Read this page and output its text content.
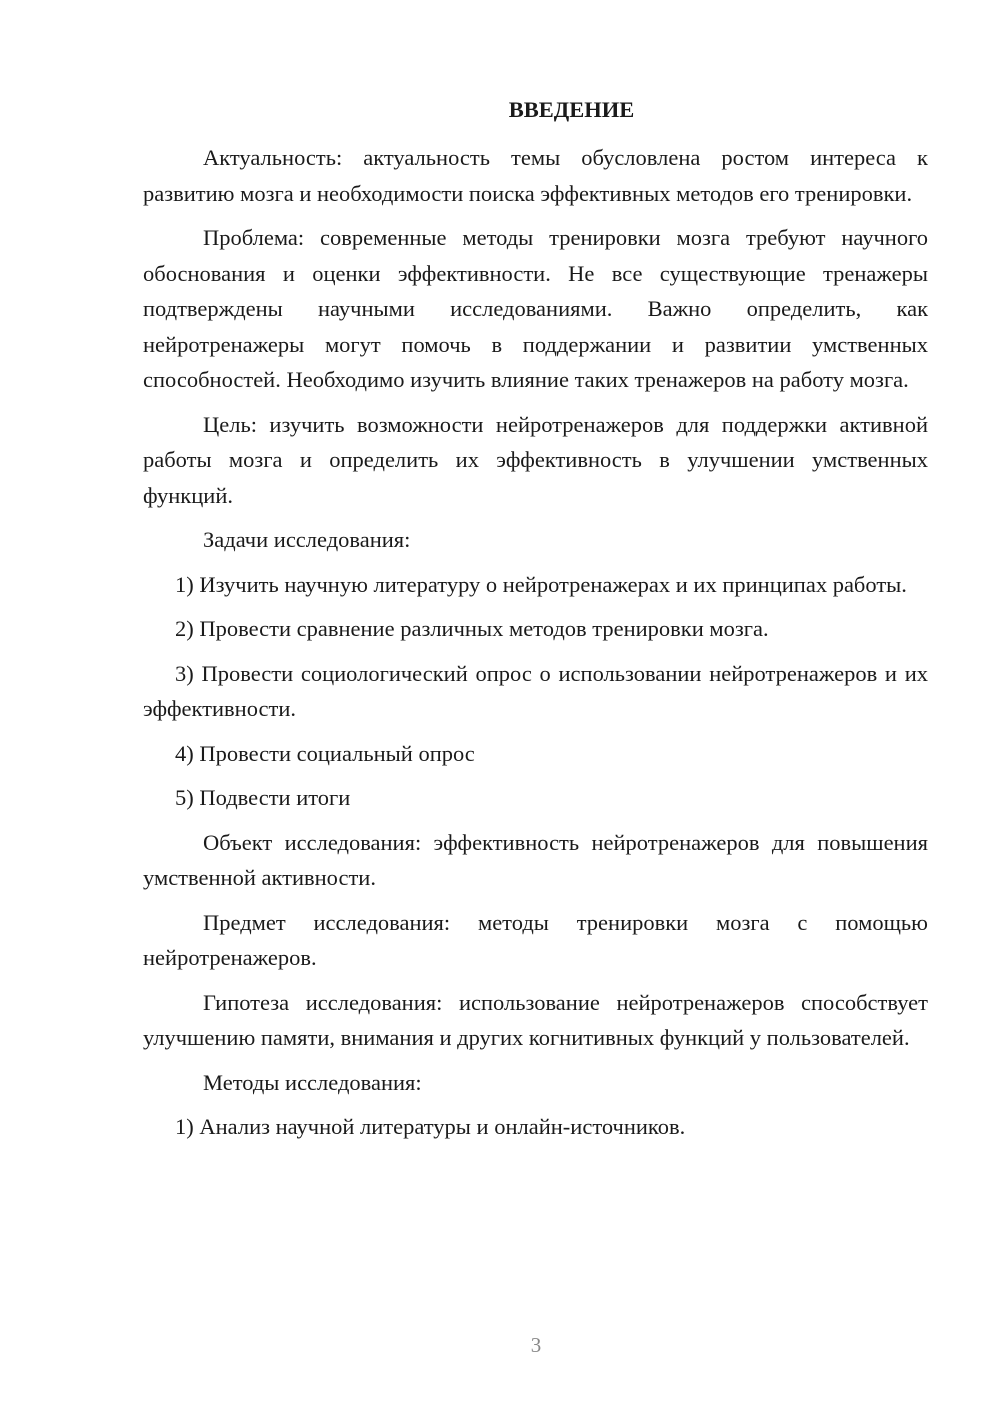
ВВЕДЕНИЕ

Актуальность: актуальность темы обусловлена ростом интереса к развитию мозга и необходимости поиска эффективных методов его тренировки.

Проблема: современные методы тренировки мозга требуют научного обоснования и оценки эффективности. Не все существующие тренажеры подтверждены научными исследованиями. Важно определить, как нейротренажеры могут помочь в поддержании и развитии умственных способностей. Необходимо изучить влияние таких тренажеров на работу мозга.

Цель: изучить возможности нейротренажеров для поддержки активной работы мозга и определить их эффективность в улучшении умственных функций.

Задачи исследования:

1) Изучить научную литературу о нейротренажерах и их принципах работы.

2) Провести сравнение различных методов тренировки мозга.

3) Провести социологический опрос о использовании нейротренажеров и их эффективности.

4) Провести социальный опрос

5) Подвести итоги

Объект исследования: эффективность нейротренажеров для повышения умственной активности.

Предмет исследования: методы тренировки мозга с помощью нейротренажеров.

Гипотеза исследования: использование нейротренажеров способствует улучшению памяти, внимания и других когнитивных функций у пользователей.

Методы исследования:

1) Анализ научной литературы и онлайн-источников.

3
